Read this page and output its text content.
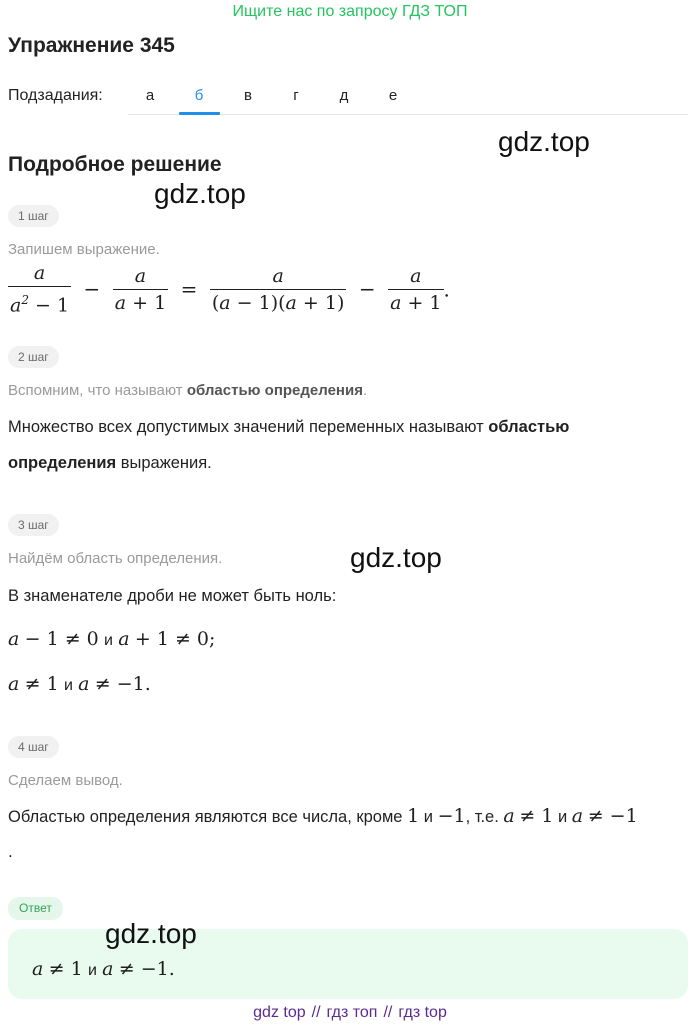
Ищите нас по запросу ГДЗ ТОП
Упражнение 345
Подзадания:	а	б	в	г	д	е
gdz.top
gdz.top
gdz.top
gdz.top
Подробное решение
1 шаг
Запишем выражение.
$\frac{a}{a^2 - 1} - \frac{a}{a + 1} = \frac{a}{(a - 1)(a + 1)} - \frac{a}{a + 1}$ .
2 шаг
Вспомним, что называют областью определения.
Множество всех допустимых значений переменных называют областью
определения выражения.
3 шаг
Найдём область определения.
В знаменателе дроби не может быть ноль:
a − 1 ≠ 0 и a + 1 ≠ 0;
a ≠ 1 и a ≠ −1.
4 шаг
Сделаем вывод.
Областью определения являются все числа, кроме 1 и −1, т.е. a ≠ 1 и a ≠ −1
.
Ответ
a ≠ 1 и a ≠ −1.
gdz top // гдз топ // гдз top
